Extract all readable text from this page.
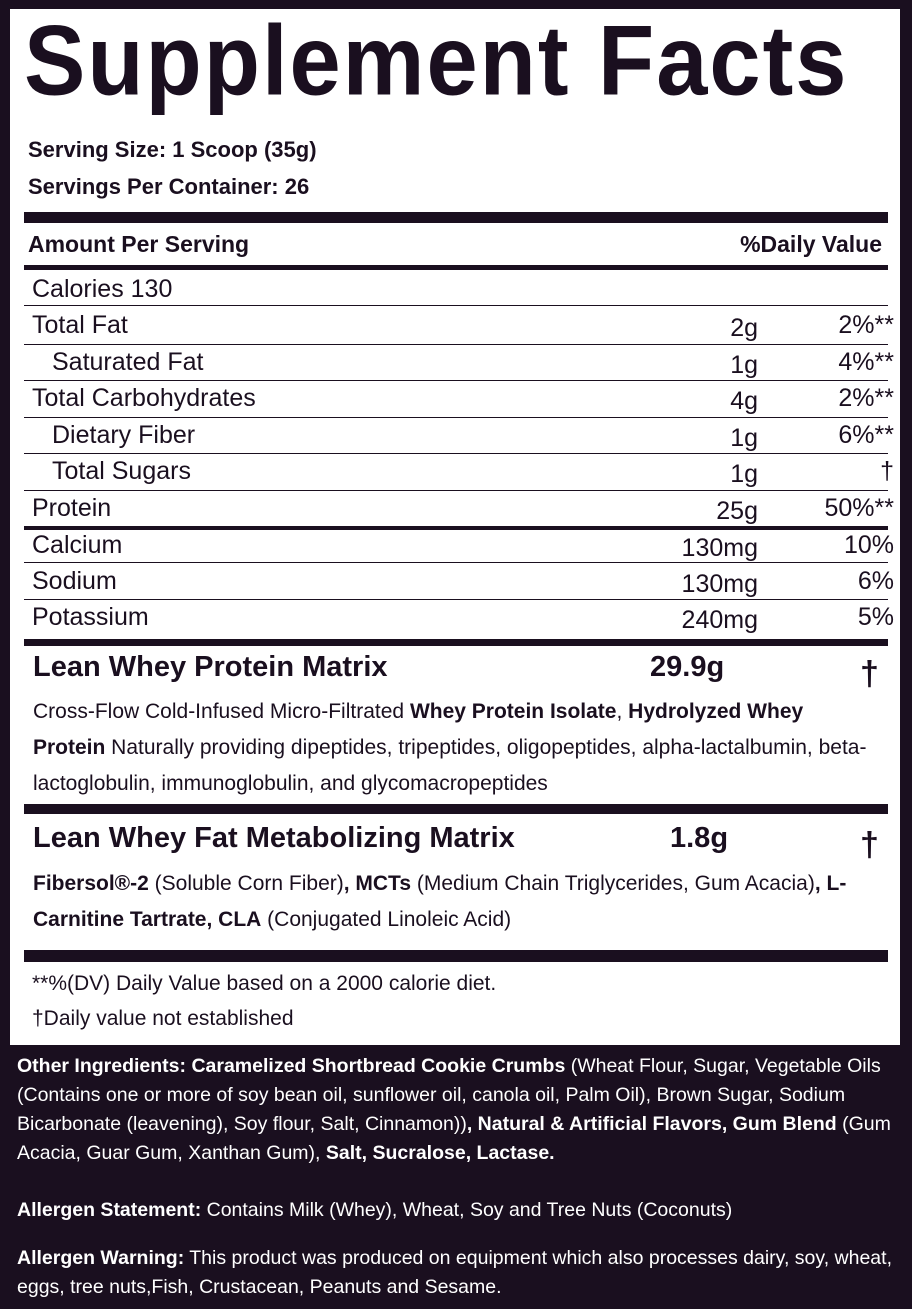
Supplement Facts
Serving Size: 1 Scoop (35g)
Servings Per Container: 26
Amount Per Serving	%Daily Value
Calories 130
Total Fat	2g	2%**
Saturated Fat	1g	4%**
Total Carbohydrates	4g	2%**
Dietary Fiber	1g	6%**
Total Sugars	1g	†
Protein	25g	50%**
Calcium	130mg	10%
Sodium	130mg	6%
Potassium	240mg	5%
Lean Whey Protein Matrix	29.9g	†
Cross-Flow Cold-Infused Micro-Filtrated Whey Protein Isolate, Hydrolyzed Whey Protein Naturally providing dipeptides, tripeptides, oligopeptides, alpha-lactalbumin, beta-lactoglobulin, immunoglobulin, and glycomacropeptides
Lean Whey Fat Metabolizing Matrix	1.8g	†
Fibersol®-2 (Soluble Corn Fiber), MCTs (Medium Chain Triglycerides, Gum Acacia), L-Carnitine Tartrate, CLA (Conjugated Linoleic Acid)
**%(DV) Daily Value based on a 2000 calorie diet.
†Daily value not established
Other Ingredients: Caramelized Shortbread Cookie Crumbs (Wheat Flour, Sugar, Vegetable Oils (Contains one or more of soy bean oil, sunflower oil, canola oil, Palm Oil), Brown Sugar, Sodium Bicarbonate (leavening), Soy flour, Salt, Cinnamon)), Natural & Artificial Flavors, Gum Blend (Gum Acacia, Guar Gum, Xanthan Gum), Salt, Sucralose, Lactase.
Allergen Statement: Contains Milk (Whey), Wheat, Soy and Tree Nuts (Coconuts)
Allergen Warning: This product was produced on equipment which also processes dairy, soy, wheat, eggs, tree nuts,Fish, Crustacean, Peanuts and Sesame.
